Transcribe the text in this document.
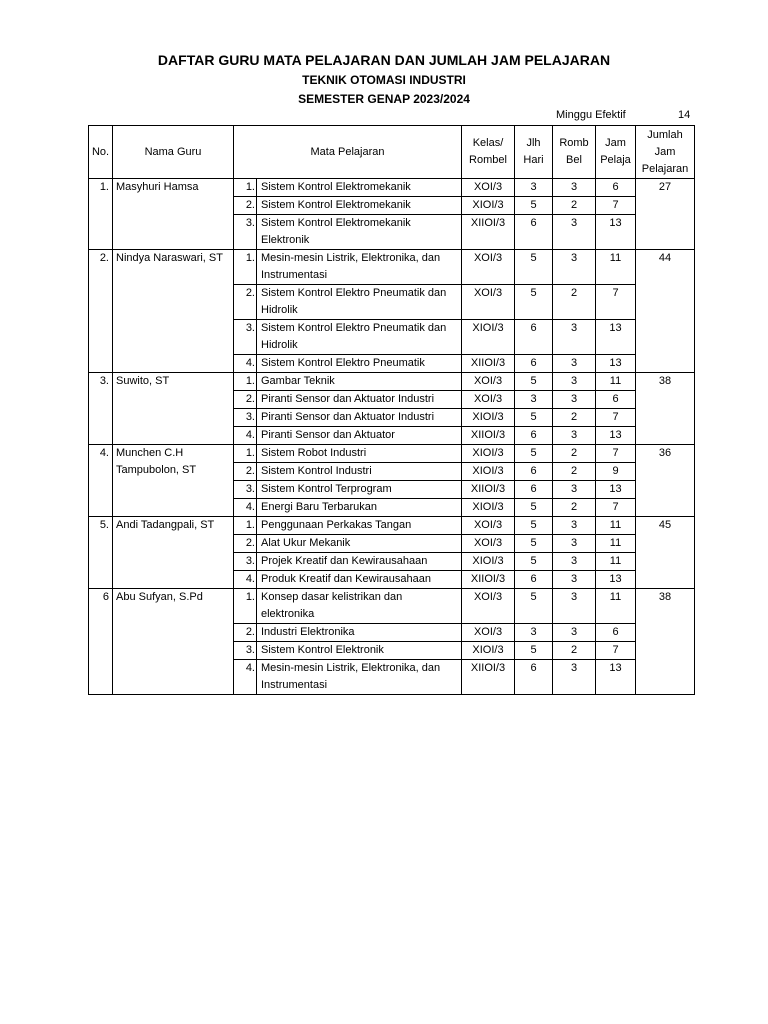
DAFTAR GURU MATA PELAJARAN DAN JUMLAH JAM PELAJARAN
TEKNIK OTOMASI INDUSTRI
SEMESTER GENAP 2023/2024
Minggu Efektif	14
No.	Nama Guru	Mata Pelajaran	Kelas/ Rombel	Jlh Hari	Romb Bel	Jam Pelaja	Jumlah Jam Pelajaran
1.	Masyhuri Hamsa	1. Sistem Kontrol Elektromekanik	XOI/3	3	3	6	27

		2. Sistem Kontrol Elektromekanik	XIOI/3	5	2	7	

		3. Sistem Kontrol Elektromekanik Elektronik	XIIOI/3	6	3	13	
2.	Nindya Naraswari, ST	1. Mesin-mesin Listrik, Elektronika, dan Instrumentasi	XOI/3	5	3	11	44

		2. Sistem Kontrol Elektro Pneumatik dan Hidrolik	XOI/3	5	2	7	

		3. Sistem Kontrol Elektro Pneumatik dan Hidrolik	XIOI/3	6	3	13	

		4. Sistem Kontrol Elektro Pneumatik	XIIOI/3	6	3	13	
3.	Suwito, ST	1. Gambar Teknik	XOI/3	5	3	11	38

		2. Piranti Sensor dan Aktuator Industri	XOI/3	3	3	6	

		3. Piranti Sensor dan Aktuator Industri	XIOI/3	5	2	7	

		4. Piranti Sensor dan Aktuator	XIIOI/3	6	3	13	
4.	Munchen C.H Tampubolon, ST	1. Sistem Robot Industri	XIOI/3	5	2	7	36

		2. Sistem Kontrol Industri	XIOI/3	6	2	9	

		3. Sistem Kontrol Terprogram	XIIOI/3	6	3	13	

		4. Energi Baru Terbarukan	XIOI/3	5	2	7	
5.	Andi Tadangpali, ST	1. Penggunaan Perkakas Tangan	XOI/3	5	3	11	45

		2. Alat Ukur Mekanik	XOI/3	5	3	11	

		3. Projek Kreatif dan Kewirausahaan	XIOI/3	5	3	11	

		4. Produk Kreatif dan Kewirausahaan	XIIOI/3	6	3	13	
6	Abu Sufyan, S.Pd	1. Konsep dasar kelistrikan dan elektronika	XOI/3	5	3	11	38

		2. Industri Elektronika	XOI/3	3	3	6	

		3. Sistem Kontrol Elektronik	XIOI/3	5	2	7	

		4. Mesin-mesin Listrik, Elektronika, dan Instrumentasi	XIIOI/3	6	3	13	
